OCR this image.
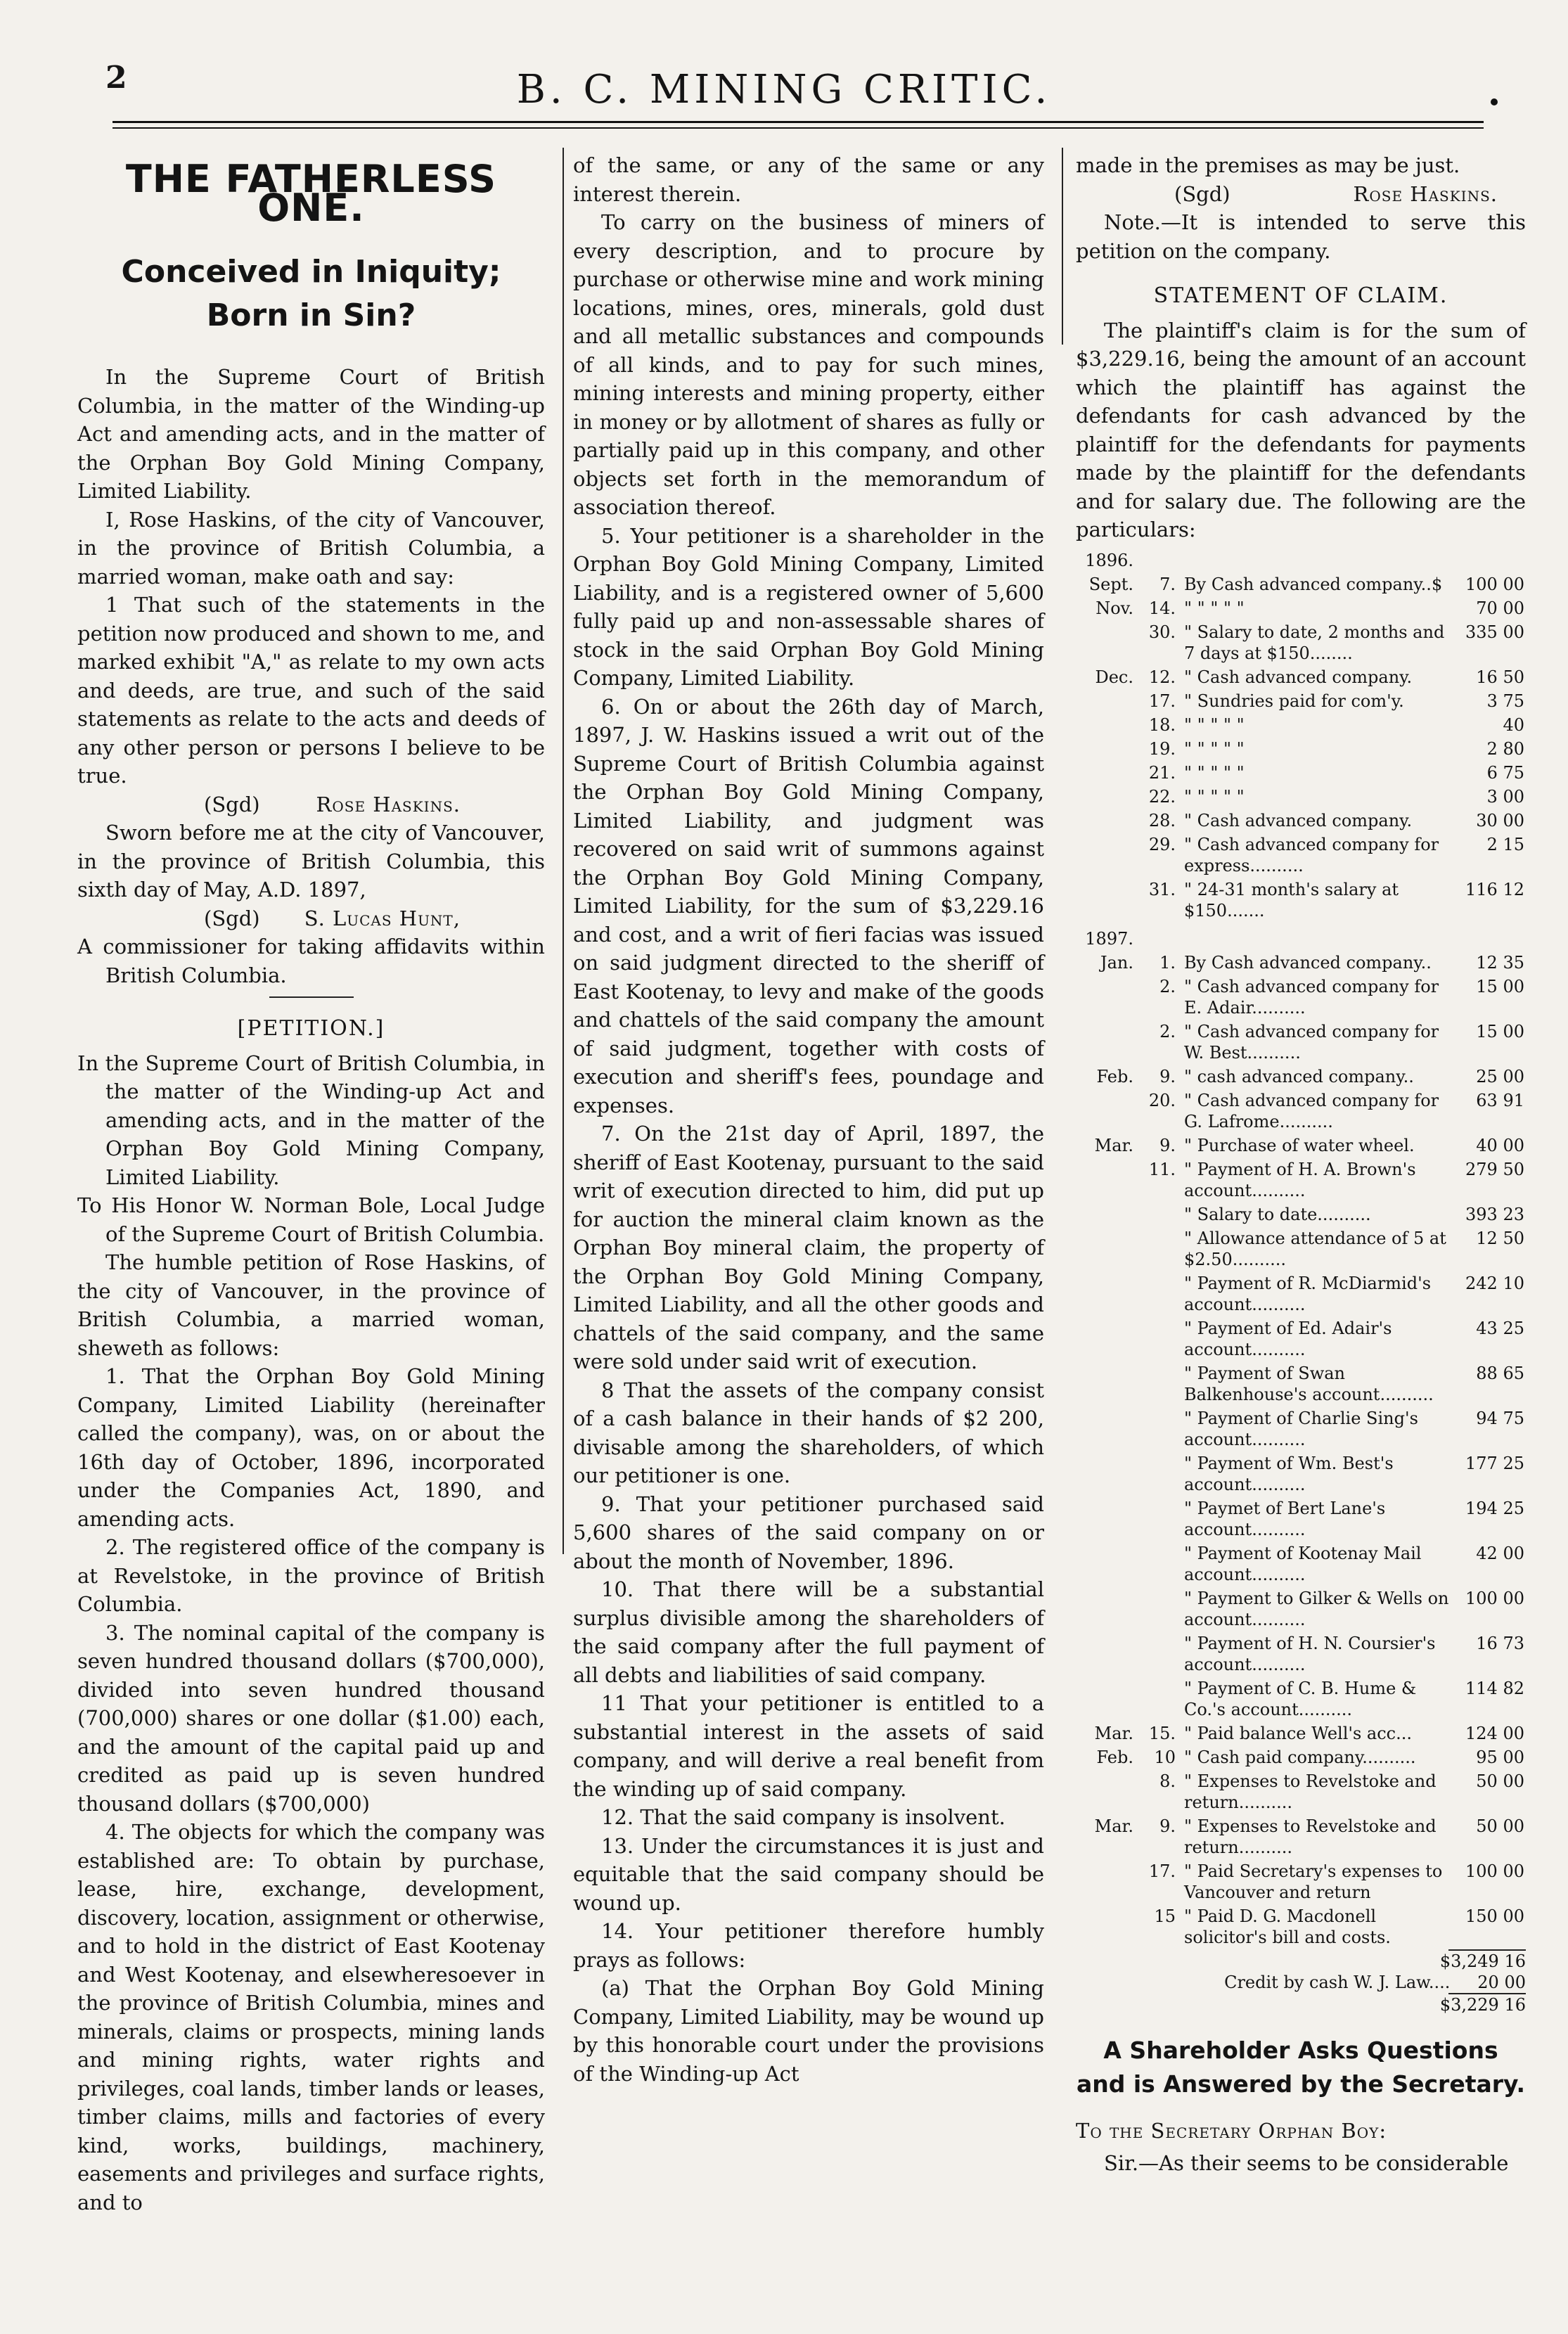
2	B. C. MINING CRITIC.
THE FATHERLESS ONE.
Conceived in Iniquity;
Born in Sin?

In the Supreme Court of British Columbia, in the matter of the Winding-up Act and amending acts, and in the matter of the Orphan Boy Gold Mining Company, Limited Liability.

I, Rose Haskins, of the city of Vancouver, in the province of British Columbia, a married woman, make oath and say:

1 That such of the statements in the petition now produced and shown to me, and marked exhibit "A," as relate to my own acts and deeds, are true, and such of the said statements as relate to the acts and deeds of any other person or persons I believe to be true.

(Sgd)	Rose Haskins.

Sworn before me at the city of Vancouver, in the province of British Columbia, this sixth day of May, A.D. 1897,

(Sgd) S. Lucas Hunt,

A commissioner for taking affidavits within British Columbia.

[PETITION.]

In the Supreme Court of British Columbia, in the matter of the Winding-up Act and amending acts, and in the matter of the Orphan Boy Gold Mining Company, Limited Liability.

To His Honor W. Norman Bole, Local Judge of the Supreme Court of British Columbia.

The humble petition of Rose Haskins, of the city of Vancouver, in the province of British Columbia, a married woman, sheweth as follows:

1. That the Orphan Boy Gold Mining Company, Limited Liability (hereinafter called the company), was, on or about the 16th day of October, 1896, incorporated under the Companies Act, 1890, and amending acts.

2. The registered office of the company is at Revelstoke, in the province of British Columbia.

3. The nominal capital of the company is seven hundred thousand dollars ($700,000), divided into seven hundred thousand (700,000) shares or one dollar ($1.00) each, and the amount of the capital paid up and credited as paid up is seven hundred thousand dollars ($700,000)

4. The objects for which the company was established are: To obtain by purchase, lease, hire, exchange, development, discovery, location, assignment or otherwise, and to hold in the district of East Kootenay and West Kootenay, and elsewheresoever in the province of British Columbia, mines and minerals, claims or prospects, mining lands and mining rights, water rights and privileges, coal lands, timber lands or leases, timber claims, mills and factories of every kind, works, buildings, machinery, easements and privileges and surface rights, and to

of the same, or any of the same or any interest therein.

To carry on the business of miners of every description, and to procure by purchase or otherwise mine and work mining locations, mines, ores, minerals, gold dust and all metallic substances and compounds of all kinds, and to pay for such mines, mining interests and mining property, either in money or by allotment of shares as fully or partially paid up in this company, and other objects set forth in the memorandum of association thereof.

5. Your petitioner is a shareholder in the Orphan Boy Gold Mining Company, Limited Liability, and is a registered owner of 5,600 fully paid up and non-assessable shares of stock in the said Orphan Boy Gold Mining Company, Limited Liability.

6. On or about the 26th day of March, 1897, J. W. Haskins issued a writ out of the Supreme Court of British Columbia against the Orphan Boy Gold Mining Company, Limited Liability, and judgment was recovered on said writ of summons against the Orphan Boy Gold Mining Company, Limited Liability, for the sum of $3,229.16 and cost, and a writ of fieri facias was issued on said judgment directed to the sheriff of East Kootenay, to levy and make of the goods and chattels of the said company the amount of said judgment, together with costs of execution and sheriff's fees, poundage and expenses.

7. On the 21st day of April, 1897, the sheriff of East Kootenay, pursuant to the said writ of execution directed to him, did put up for auction the mineral claim known as the Orphan Boy mineral claim, the property of the Orphan Boy Gold Mining Company, Limited Liability, and all the other goods and chattels of the said company, and the same were sold under said writ of execution.

8 That the assets of the company consist of a cash balance in their hands of $2 200, divisable among the shareholders, of which our petitioner is one.

9. That your petitioner purchased said 5,600 shares of the said company on or about the month of November, 1896.

10. That there will be a substantial surplus divisible among the shareholders of the said company after the full payment of all debts and liabilities of said company.

11 That your petitioner is entitled to a substantial interest in the assets of said company, and will derive a real benefit from the winding up of said company.

12. That the said company is insolvent.

13. Under the circumstances it is just and equitable that the said company should be wound up.

14. Your petitioner therefore humbly prays as follows:

(a) That the Orphan Boy Gold Mining Company, Limited Liability, may be wound up by this honorable court under the provisions of the Winding-up Act

made in the premises as may be just.

(Sgd)	Rose Haskins.

Note.—It is intended to serve this petition on the company.

STATEMENT OF CLAIM.

The plaintiff's claim is for the sum of $3,229.16, being the amount of an account which the plaintiff has against the defendants for cash advanced by the plaintiff for the defendants for payments made by the plaintiff for the defendants and for salary due. The following are the particulars:

1896.			
Sept.	7.	By Cash advanced company..$	100 00
Nov.	14.	" " " " "	70 00
	30.	" Salary to date, 2 months and 7 days at $150........	335 00
Dec.	12.	" Cash advanced company.	16 50
	17.	" Sundries paid for com'y.	3 75
	18.	" " " " "	40
	19.	" " " " "	2 80
	21.	" " " " "	6 75
	22.	" " " " "	3 00
	28.	" Cash advanced company.	30 00
	29.	" Cash advanced company for express..........	2 15
	31.	" 24-31 month's salary at $150.......	116 12
1897.			
Jan.	1.	By Cash advanced company..	12 35
	2.	" Cash advanced company for E. Adair..........	15 00
	2.	" Cash advanced company for W. Best..........	15 00
Feb.	9.	" cash advanced company..	25 00
	20.	" Cash advanced company for G. Lafrome..........	63 91
Mar.	9.	" Purchase of water wheel.	40 00
	11.	" Payment of H. A. Brown's account..........	279 50
		" Salary to date..........	393 23
		" Allowance attendance of 5 at $2.50..........	12 50
		" Payment of R. McDiarmid's account..........	242 10
		" Payment of Ed. Adair's account..........	43 25
		" Payment of Swan Balkenhouse's account..........	88 65
		" Payment of Charlie Sing's account..........	94 75
		" Payment of Wm. Best's account..........	177 25
		" Paymet of Bert Lane's account..........	194 25
		" Payment of Kootenay Mail account..........	42 00
		" Payment to Gilker & Wells on account..........	100 00
		" Payment of H. N. Coursier's account..........	16 73
		" Payment of C. B. Hume & Co.'s account..........	114 82
Mar.	15.	" Paid balance Well's acc...	124 00
Feb.	10	" Cash paid company..........	95 00
	8.	" Expenses to Revelstoke and return..........	50 00
Mar.	9.	" Expenses to Revelstoke and return..........	50 00
	17.	" Paid Secretary's expenses to Vancouver and return	100 00
	15	" Paid D. G. Macdonell solicitor's bill and costs.	150 00
$3,249 16
Credit by cash W. J. Law.... 20 00
$3,229 16
A Shareholder Asks Questions and is Answered by the Secretary.
To the Secretary Orphan Boy:

Sir.—As their seems to be considerable
